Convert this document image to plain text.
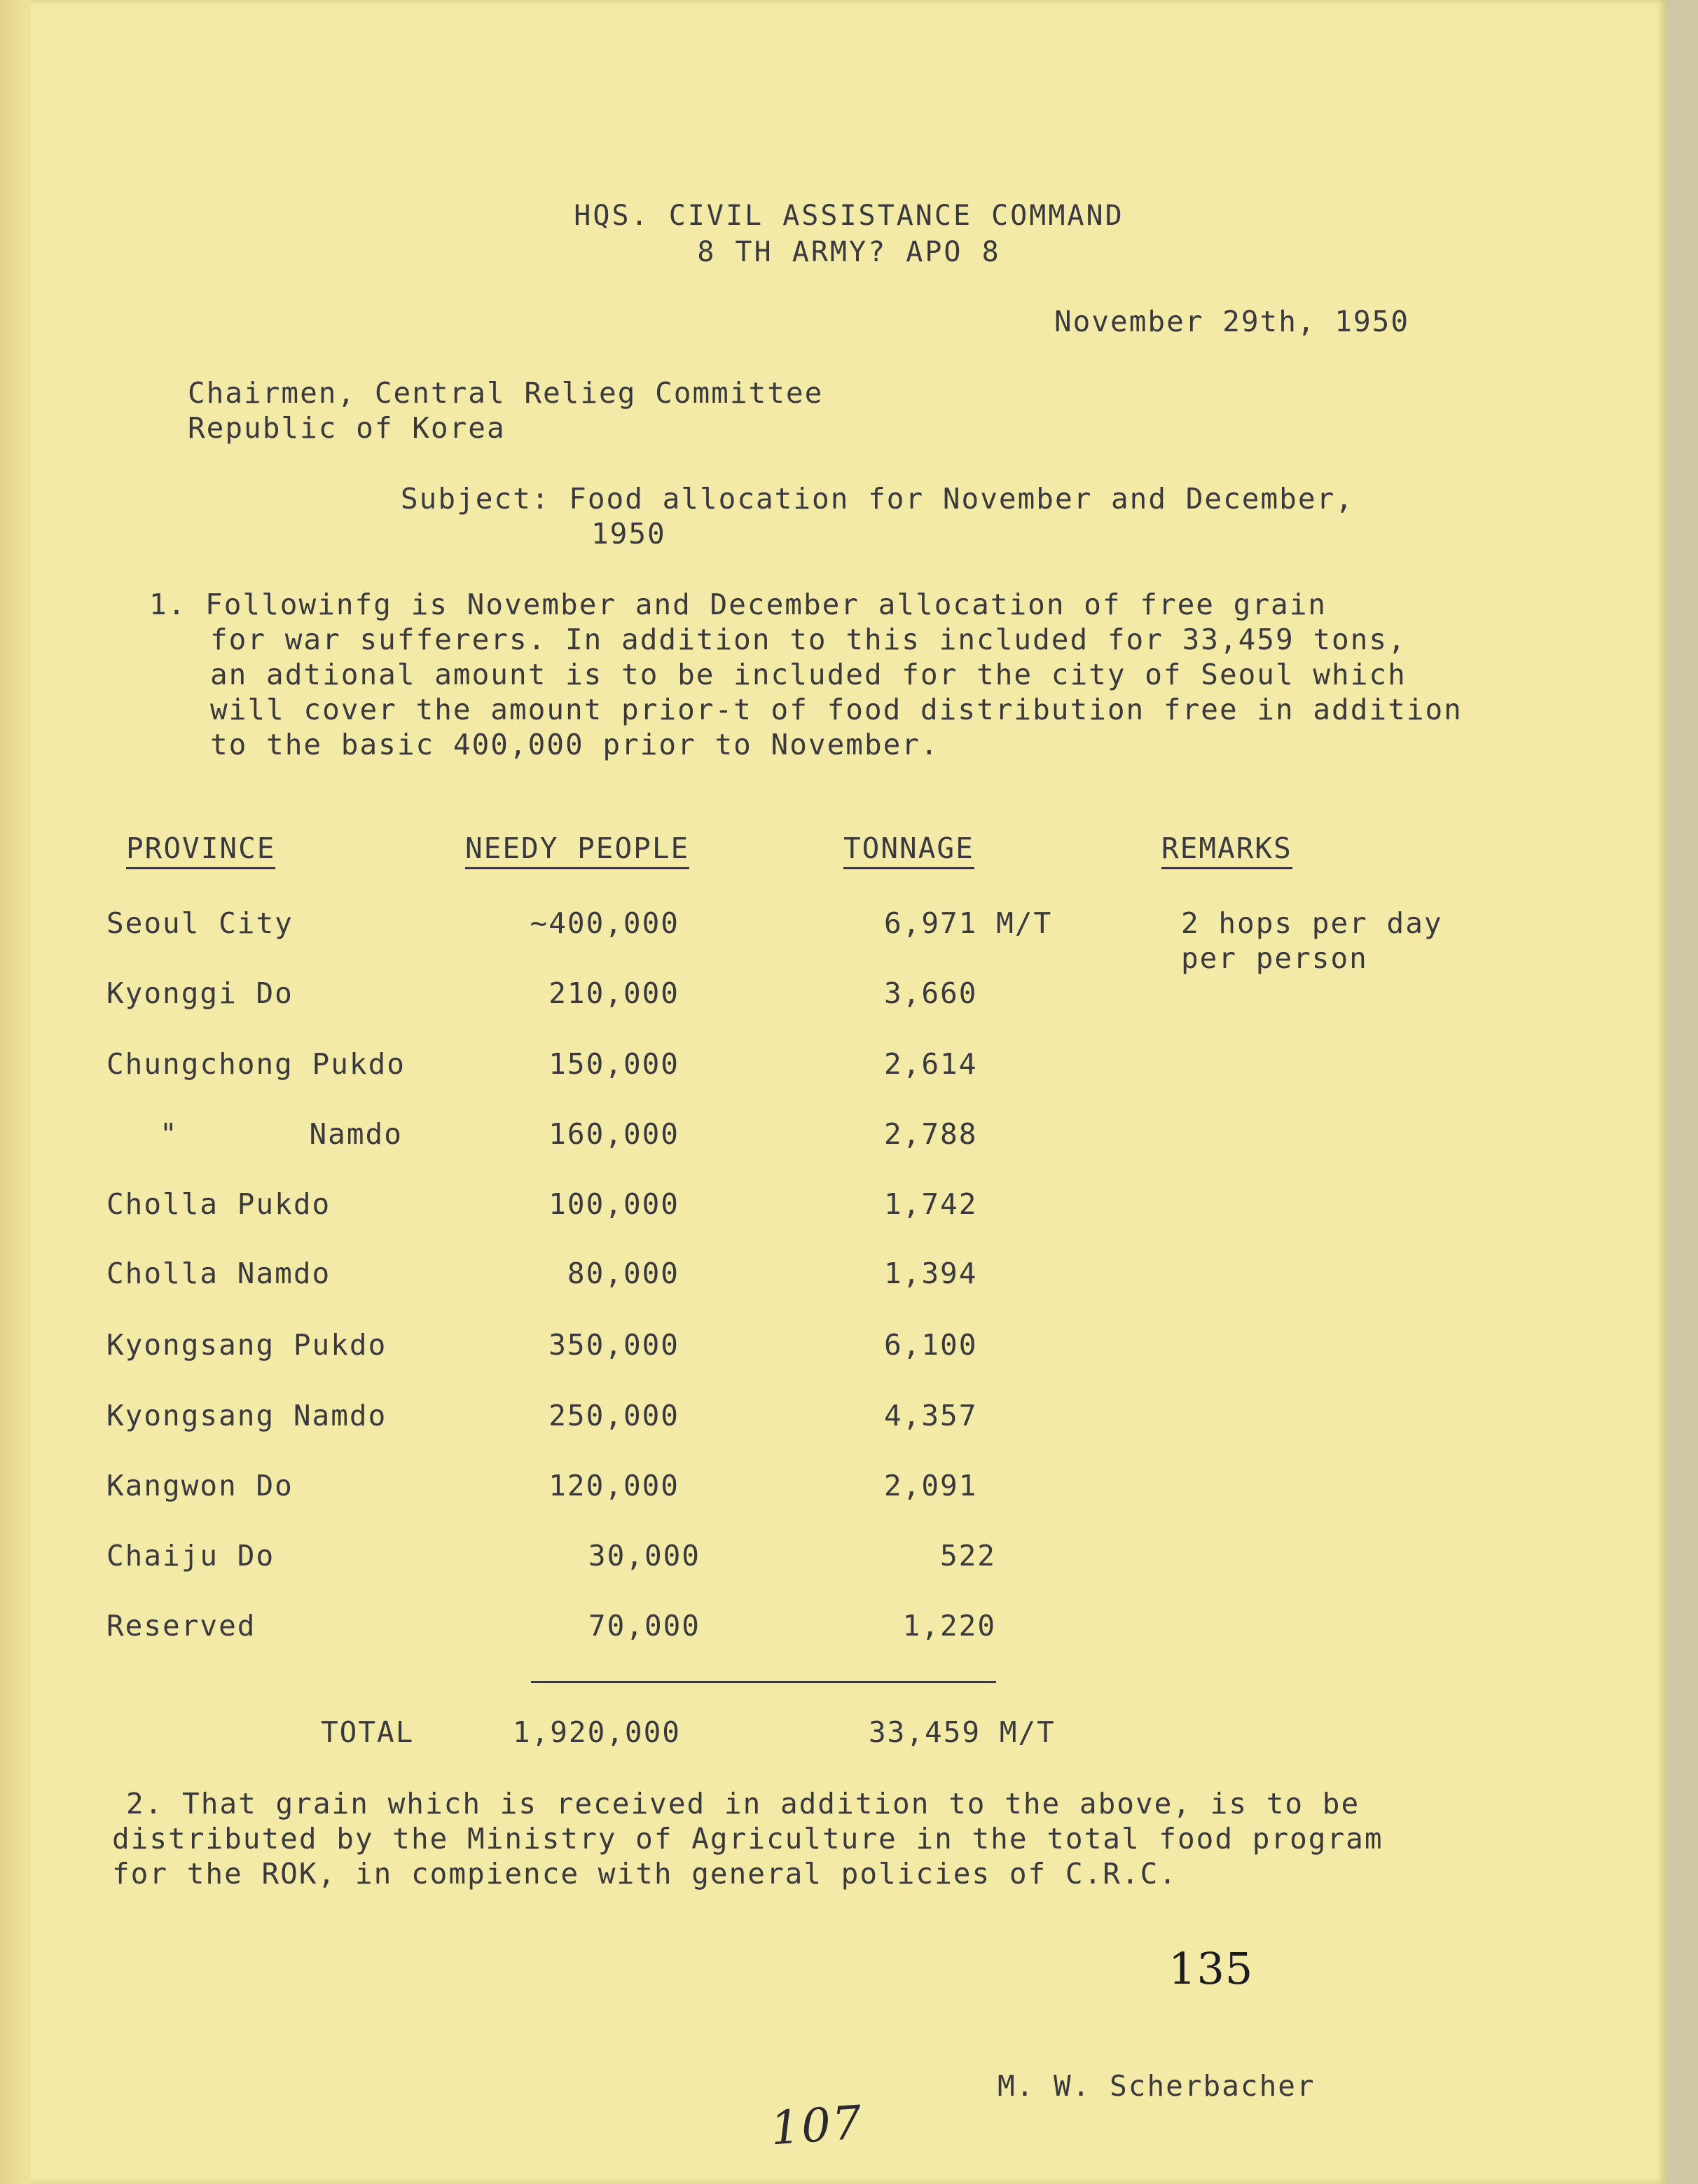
HQS. CIVIL ASSISTANCE COMMAND
8 TH ARMY? APO 8
November 29th, 1950
Chairmen, Central Relieg Committee
Republic of Korea
Subject: Food allocation for November and December,
1950
1. Followinfg is November and December allocation of free grain
for war sufferers. In addition to this included for 33,459 tons,
an adtional amount is to be included for the city of Seoul which
will cover the amount prior-t of food distribution free in addition
to the basic 400,000 prior to November.
PROVINCE	NEEDY PEOPLE	TONNAGE	REMARKS
Seoul City	~400,000	6,971 M/T	2 hops per day
per person
Kyonggi Do	210,000	3,660
Chungchong Pukdo	150,000	2,614
"       Namdo	160,000	2,788
Cholla Pukdo	100,000	1,742
Cholla Namdo	80,000	1,394
Kyongsang Pukdo	350,000	6,100
Kyongsang Namdo	250,000	4,357
Kangwon Do	120,000	2,091
Chaiju Do	30,000	522
Reserved	70,000	1,220
TOTAL	1,920,000	33,459 M/T
2. That grain which is received in addition to the above, is to be
distributed by the Ministry of Agriculture in the total food program
for the ROK, in compience with general policies of C.R.C.
135
M. W. Scherbacher
107
